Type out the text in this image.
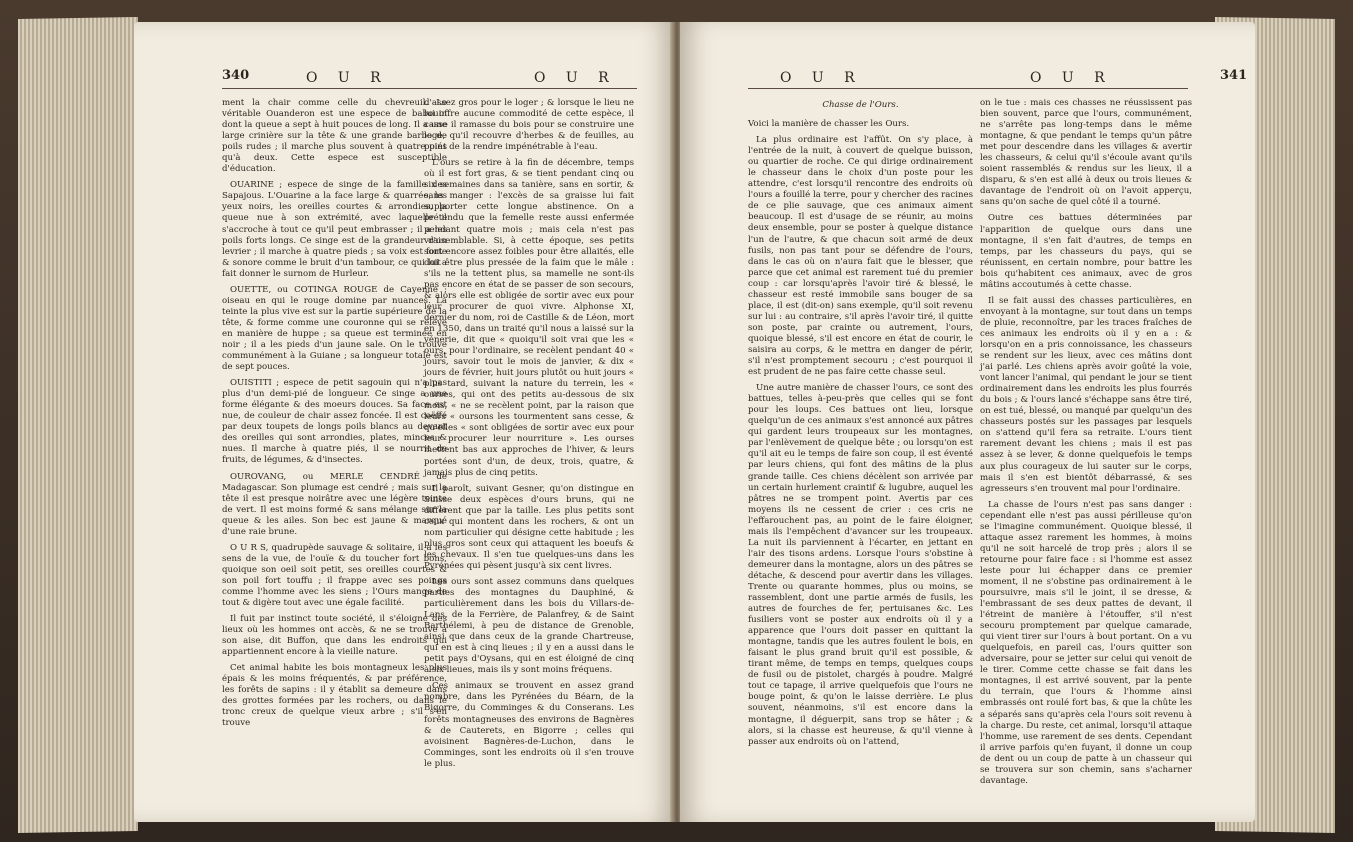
340	O U R	O U R

ment la chair comme celle du chevreuil. Le véritable Ouanderon est une espece de babouin dont la queue a sept à huit pouces de long. Il a une large crinière sur la tête & une grande barbe de poils rudes ; il marche plus souvent à quatre piés qu'à deux. Cette espece est susceptible d'éducation.

OUARINE ; espece de singe de la famille des Sapajous. L'Ouarine a la face large & quarrée, les yeux noirs, les oreilles courtes & arrondies, la queue nue à son extrémité, avec laquelle il s'accroche à tout ce qu'il peut embrasser ; il a les poils forts longs. Ce singe est de la grandeur d'un levrier ; il marche à quatre pieds ; sa voix est forte & sonore comme le bruit d'un tambour, ce qui lui a fait donner le surnom de Hurleur.

OUETTE, ou COTINGA ROUGE de Cayenne ; oiseau en qui le rouge domine par nuances. La teinte la plus vive est sur la partie supérieure de la tête, & forme comme une couronne qui se relève en manière de huppe ; sa queue est terminée en noir ; il a les pieds d'un jaune sale. On le trouve communément à la Guiane ; sa longueur totale est de sept pouces.

OUISTITI ; espece de petit sagouin qui n'a pas plus d'un demi-pié de longueur. Ce singe a une forme élégante & des moeurs douces. Sa face est nue, de couleur de chair assez foncée. Il est coëffé par deux toupets de longs poils blancs au devant des oreilles qui sont arrondies, plates, minces & nues. Il marche à quatre piés, il se nourrit de fruits, de légumes, & d'insectes.

OUROVANG, ou MERLE CENDRÉ de Madagascar. Son plumage est cendré ; mais sur la tête il est presque noirâtre avec une légère teinte de vert. Il est moins formé & sans mélange sur la queue & les ailes. Son bec est jaune & marqué d'une raie brune.

O U R S, quadrupède sauvage & solitaire, il a les sens de la vue, de l'ouïe & du toucher fort bons, quoique son oeil soit petit, ses oreilles courtes & son poil fort touffu ; il frappe avec ses poings comme l'homme avec les siens ; l'Ours mange de tout & digère tout avec une égale facilité.

Il fuit par instinct toute société, il s'éloigne des lieux où les hommes ont accès, & ne se trouve à son aise, dit Buffon, que dans les endroits qui appartiennent encore à la vieille nature.

Cet animal habite les bois montagneux les plus épais & les moins fréquentés, & par préférence, les forêts de sapins : il y établit sa demeure dans des grottes formées par les rochers, ou dans le tronc creux de quelque vieux arbre ; s'il s'en trouve

d'assez gros pour le loger ; & lorsque le lieu ne lui offre aucune commodité de cette espèce, il casse il ramasse du bois pour se construire une loge, qu'il recouvre d'herbes & de feuilles, au point de la rendre impénétrable à l'eau.

L'ours se retire à la fin de décembre, temps où il est fort gras, & se tient pendant cinq ou six semaines dans sa tanière, sans en sortir, & sans manger : l'excès de sa graisse lui fait supporter cette longue abstinence. On a prétendu que la femelle reste aussi enfermée pendant quatre mois ; mais cela n'est pas vraisemblable. Si, à cette époque, ses petits sont encore assez foibles pour être allaités, elle doit être plus pressée de la faim que le mâle : s'ils ne la tettent plus, sa mamelle ne sont-ils pas encore en état de se passer de son secours, & alors elle est obligée de sortir avec eux pour leur procurer de quoi vivre. Alphonse XI, dernier du nom, roi de Castille & de Léon, mort en 1350, dans un traité qu'il nous a laissé sur la vénerie, dit que « quoiqu'il soit vrai que les « ours, pour l'ordinaire, se recèlent pendant 40 « jours, savoir tout le mois de janvier, & dix « jours de février, huit jours plutôt ou huit jours « plus tard, suivant la nature du terrein, les « ourses, qui ont des petits au-dessous de six mois, « ne se recèlent point, par la raison que leurs « oursons les tourmentent sans cesse, & qu'elles « sont obligées de sortir avec eux pour leur procurer leur nourriture ». Les ourses mettent bas aux approches de l'hiver, & leurs portées sont d'un, de deux, trois, quatre, & jamais plus de cinq petits.

Il paroît, suivant Gesner, qu'on distingue en Suisse deux espèces d'ours bruns, qui ne diffèrent que par la taille. Les plus petits sont ceux qui montent dans les rochers, & ont un nom particulier qui désigne cette habitude ; les plus gros sont ceux qui attaquent les boeufs & les chevaux. Il s'en tue quelques-uns dans les Pyrénées qui pèsent jusqu'à six cent livres.

Les ours sont assez communs dans quelques parties des montagnes du Dauphiné, & particulièrement dans les bois du Villars-de-Lans, de la Ferrière, de Palanfrey, & de Saint Barthélemi, à peu de distance de Grenoble, ainsi que dans ceux de la grande Chartreuse, qui en est à cinq lieues ; il y en a aussi dans le petit pays d'Oysans, qui en est éloigné de cinq à six lieues, mais ils y sont moins fréquens.

Ces animaux se trouvent en assez grand nombre, dans les Pyrénées du Béarn, de la Bigorre, du Comminges & du Conserans. Les forêts montagneuses des environs de Bagnères & de Cauterets, en Bigorre ; celles qui avoisinent Bagnères-de-Luchon, dans le Comminges, sont les endroits où il s'en trouve le plus.

O U R	O U R	341

Chasse de l'Ours.

Voici la manière de chasser les Ours.

La plus ordinaire est l'affût. On s'y place, à l'entrée de la nuit, à couvert de quelque buisson, ou quartier de roche. Ce qui dirige ordinairement le chasseur dans le choix d'un poste pour les attendre, c'est lorsqu'il rencontre des endroits où l'ours a fouillé la terre, pour y chercher des racines de ce plie sauvage, que ces animaux aiment beaucoup. Il est d'usage de se réunir, au moins deux ensemble, pour se poster à quelque distance l'un de l'autre, & que chacun soit armé de deux fusils, non pas tant pour se défendre de l'ours, dans le cas où on n'aura fait que le blesser, que parce que cet animal est rarement tué du premier coup : car lorsqu'après l'avoir tiré & blessé, le chasseur est resté immobile sans bouger de sa place, il est (dit-on) sans exemple, qu'il soit revenu sur lui : au contraire, s'il après l'avoir tiré, il quitte son poste, par crainte ou autrement, l'ours, quoique blessé, s'il est encore en état de courir, le saisira au corps, & le mettra en danger de périr, s'il n'est promptement secouru ; c'est pourquoi il est prudent de ne pas faire cette chasse seul.

Une autre manière de chasser l'ours, ce sont des battues, telles à-peu-près que celles qui se font pour les loups. Ces battues ont lieu, lorsque quelqu'un de ces animaux s'est annoncé aux pâtres qui gardent leurs troupeaux sur les montagnes, par l'enlèvement de quelque bête ; ou lorsqu'on est qu'il ait eu le temps de faire son coup, il est éventé par leurs chiens, qui font des mâtins de la plus grande taille. Ces chiens décèlent son arrivée par un certain hurlement craintif & lugubre, auquel les pâtres ne se trompent point. Avertis par ces moyens ils ne cessent de crier : ces cris ne l'effarouchent pas, au point de le faire éloigner, mais ils l'empêchent d'avancer sur les troupeaux. La nuit ils parviennent à l'écarter, en jettant en l'air des tisons ardens. Lorsque l'ours s'obstine à demeurer dans la montagne, alors un des pâtres se détache, & descend pour avertir dans les villages. Trente ou quarante hommes, plus ou moins, se rassemblent, dont une partie armés de fusils, les autres de fourches de fer, pertuisanes &c. Les fusiliers vont se poster aux endroits où il y a apparence que l'ours doit passer en quittant la montagne, tandis que les autres foulent le bois, en faisant le plus grand bruit qu'il est possible, & tirant même, de temps en temps, quelques coups de fusil ou de pistolet, chargés à poudre. Malgré tout ce tapage, il arrive quelquefois que l'ours ne bouge point, & qu'on le laisse derrière. Le plus souvent, néanmoins, s'il est encore dans la montagne, il déguerpit, sans trop se hâter ; & alors, si la chasse est heureuse, & qu'il vienne à passer aux endroits où on l'attend,

on le tue : mais ces chasses ne réussissent pas bien souvent, parce que l'ours, communément, ne s'arrête pas long-temps dans le même montagne, & que pendant le temps qu'un pâtre met pour descendre dans les villages & avertir les chasseurs, & celui qu'il s'écoule avant qu'ils soient rassemblés & rendus sur les lieux, il a disparu, & s'en est allé à deux ou trois lieues & davantage de l'endroit où on l'avoit apperçu, sans qu'on sache de quel côté il a tourné.

Outre ces battues déterminées par l'apparition de quelque ours dans une montagne, il s'en fait d'autres, de temps en temps, par les chasseurs du pays, qui se réunissent, en certain nombre, pour battre les bois qu'habitent ces animaux, avec de gros mâtins accoutumés à cette chasse.

Il se fait aussi des chasses particulières, en envoyant à la montagne, sur tout dans un temps de pluie, reconnoître, par les traces fraîches de ces animaux les endroits où il y en a : & lorsqu'on en a pris connoissance, les chasseurs se rendent sur les lieux, avec ces mâtins dont j'ai parlé. Les chiens après avoir goûté la voie, vont lancer l'animal, qui pendant le jour se tient ordinairement dans les endroits les plus fourrés du bois ; & l'ours lancé s'échappe sans être tiré, on est tué, blessé, ou manqué par quelqu'un des chasseurs postés sur les passages par lesquels on s'attend qu'il fera sa retraite. L'ours tient rarement devant les chiens ; mais il est pas assez à se lever, & donne quelquefois le temps aux plus courageux de lui sauter sur le corps, mais il s'en est bientôt débarrassé, & ses agresseurs s'en trouvent mal pour l'ordinaire.

La chasse de l'ours n'est pas sans danger : cependant elle n'est pas aussi périlleuse qu'on se l'imagine communément. Quoique blessé, il attaque assez rarement les hommes, à moins qu'il ne soit harcelé de trop près ; alors il se retourne pour faire face : si l'homme est assez leste pour lui échapper dans ce premier moment, il ne s'obstine pas ordinairement à le poursuivre, mais s'il le joint, il se dresse, & l'embrassant de ses deux pattes de devant, il l'étreint de manière à l'étouffer, s'il n'est secouru promptement par quelque camarade, qui vient tirer sur l'ours à bout portant. On a vu quelquefois, en pareil cas, l'ours quitter son adversaire, pour se jetter sur celui qui venoit de le tirer. Comme cette chasse se fait dans les montagnes, il est arrivé souvent, par la pente du terrain, que l'ours & l'homme ainsi embrassés ont roulé fort bas, & que la chûte les a séparés sans qu'après cela l'ours soit revenu à la charge. Du reste, cet animal, lorsqu'il attaque l'homme, use rarement de ses dents. Cependant il arrive parfois qu'en fuyant, il donne un coup de dent ou un coup de patte à un chasseur qui se trouvera sur son chemin, sans s'acharner davantage.
